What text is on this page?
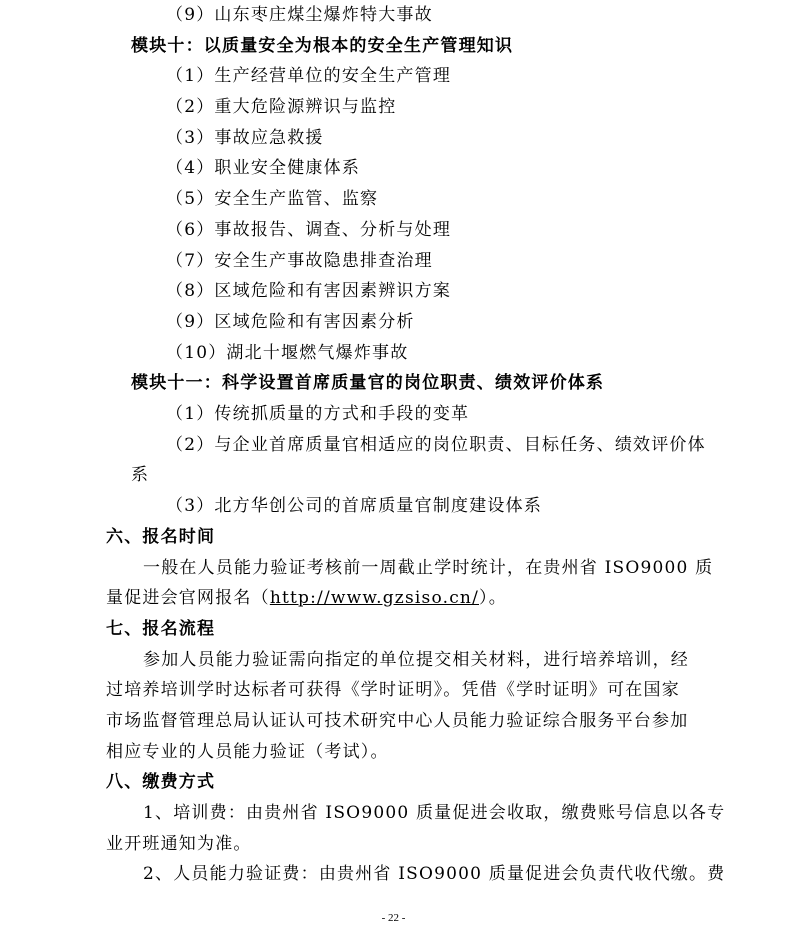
（9）山东枣庄煤尘爆炸特大事故
模块十：以质量安全为根本的安全生产管理知识
（1）生产经营单位的安全生产管理
（2）重大危险源辨识与监控
（3）事故应急救援
（4）职业安全健康体系
（5）安全生产监管、监察
（6）事故报告、调查、分析与处理
（7）安全生产事故隐患排查治理
（8）区域危险和有害因素辨识方案
（9）区域危险和有害因素分析
（10）湖北十堰燃气爆炸事故
模块十一：科学设置首席质量官的岗位职责、绩效评价体系
（1）传统抓质量的方式和手段的变革
（2）与企业首席质量官相适应的岗位职责、目标任务、绩效评价体
系
（3）北方华创公司的首席质量官制度建设体系
六、报名时间
一般在人员能力验证考核前一周截止学时统计，在贵州省 ISO9000 质
量促进会官网报名（http://www.gzsiso.cn/）。
七、报名流程
参加人员能力验证需向指定的单位提交相关材料，进行培养培训，经
过培养培训学时达标者可获得《学时证明》。凭借《学时证明》可在国家
市场监督管理总局认证认可技术研究中心人员能力验证综合服务平台参加
相应专业的人员能力验证（考试）。
八、缴费方式
1、培训费：由贵州省 ISO9000 质量促进会收取，缴费账号信息以各专
业开班通知为准。
2、人员能力验证费：由贵州省 ISO9000 质量促进会负责代收代缴。费
- 22 -
